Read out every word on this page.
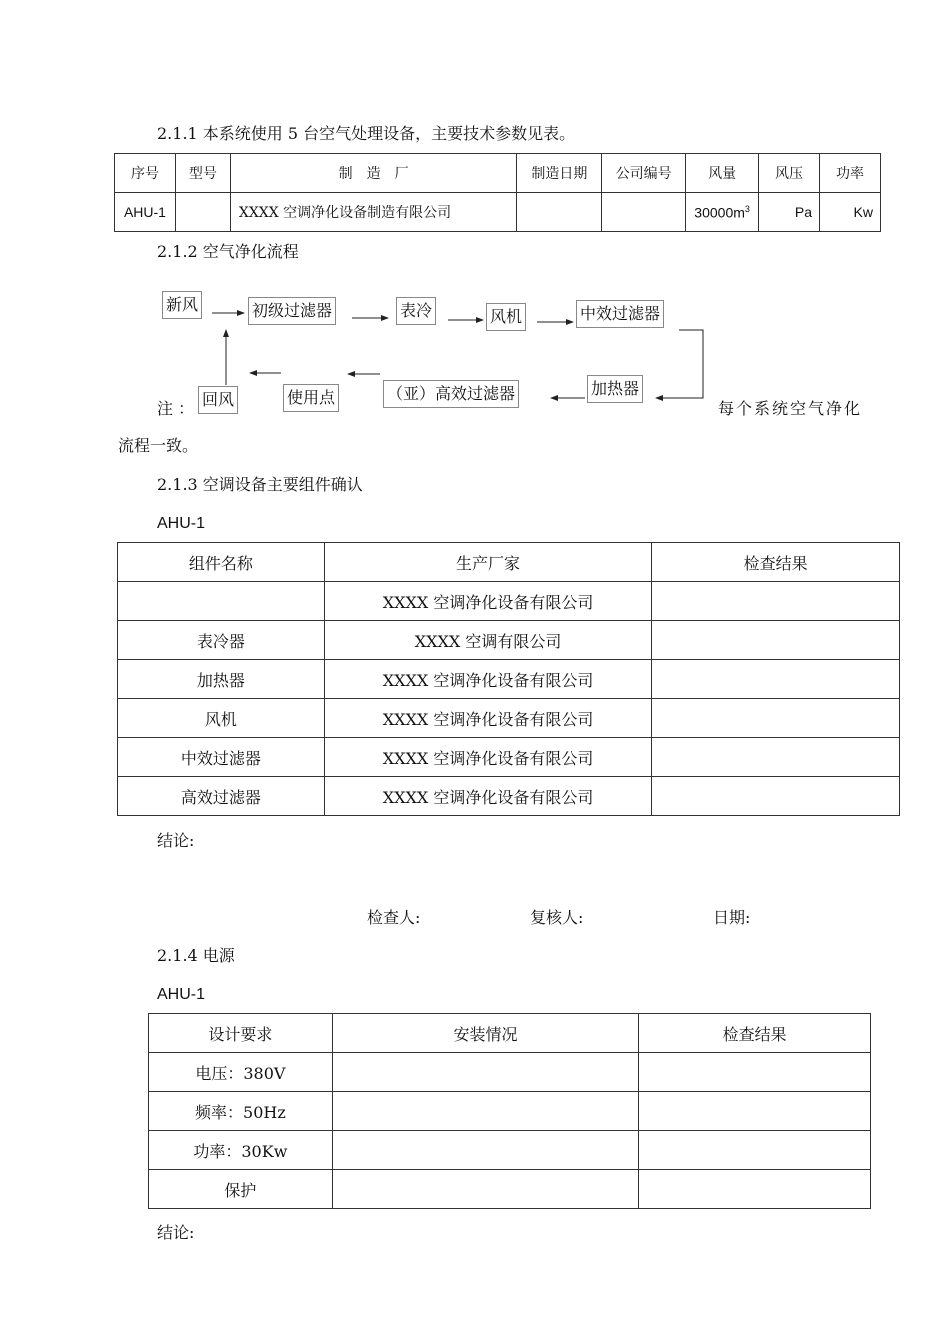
2.1.1 本系统使用 5 台空气处理设备，主要技术参数见表。
序号	型号	制　造　厂	制造日期	公司编号	风量	风压	功率
AHU-1		XXXX 空调净化设备制造有限公司			$30000m^3$	Pa	Kw
2.1.2 空气净化流程
新风	初级过滤器	表冷	风机	中效过滤器
加热器
（亚）高效过滤器
使用点
回风
注 ：	每个系统空气净化
流程一致。
2.1.3 空调设备主要组件确认
AHU-1
组件名称	生产厂家	检查结果
	XXXX 空调净化设备有限公司	
表冷器	XXXX 空调有限公司	
加热器	XXXX 空调净化设备有限公司	
风机	XXXX 空调净化设备有限公司	
中效过滤器	XXXX 空调净化设备有限公司	
高效过滤器	XXXX 空调净化设备有限公司	
结论:
检查人:	复核人:	日期:
2.1.4 电源
AHU-1
设计要求	安装情况	检查结果
电压：380V		
频率：50Hz		
功率：30Kw		
保护		
结论:
